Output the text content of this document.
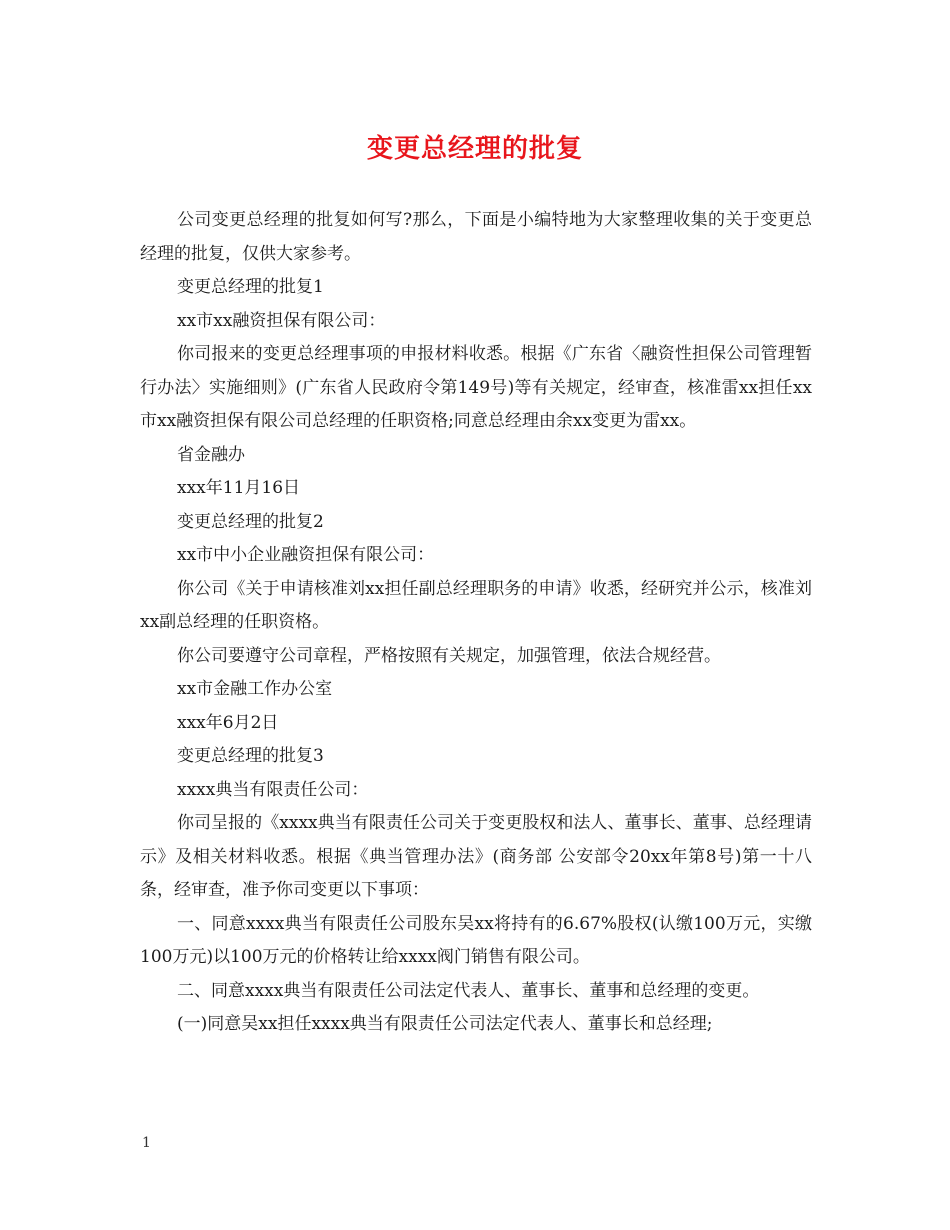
变更总经理的批复

公司变更总经理的批复如何写?那么，下面是小编特地为大家整理收集的关于变更总经理的批复，仅供大家参考。

变更总经理的批复1

xx市xx融资担保有限公司：

你司报来的变更总经理事项的申报材料收悉。根据《广东省〈融资性担保公司管理暂行办法〉实施细则》(广东省人民政府令第149号)等有关规定，经审查，核准雷xx担任xx市xx融资担保有限公司总经理的任职资格;同意总经理由余xx变更为雷xx。

省金融办

xxx年11月16日

变更总经理的批复2

xx市中小企业融资担保有限公司：

你公司《关于申请核准刘xx担任副总经理职务的申请》收悉，经研究并公示，核准刘xx副总经理的任职资格。

你公司要遵守公司章程，严格按照有关规定，加强管理，依法合规经营。

xx市金融工作办公室

xxx年6月2日

变更总经理的批复3

xxxx典当有限责任公司：

你司呈报的《xxxx典当有限责任公司关于变更股权和法人、董事长、董事、总经理请示》及相关材料收悉。根据《典当管理办法》(商务部 公安部令20xx年第8号)第一十八条，经审查，准予你司变更以下事项：

一、同意xxxx典当有限责任公司股东吴xx将持有的6.67%股权(认缴100万元，实缴100万元)以100万元的价格转让给xxxx阀门销售有限公司。

二、同意xxxx典当有限责任公司法定代表人、董事长、董事和总经理的变更。

(一)同意吴xx担任xxxx典当有限责任公司法定代表人、董事长和总经理;

1
